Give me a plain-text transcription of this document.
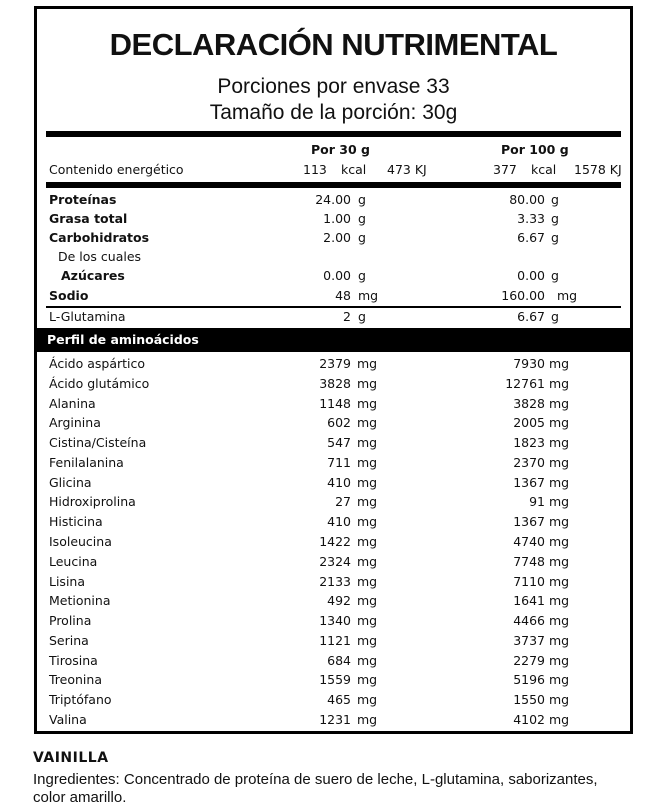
DECLARACIÓN NUTRIMENTAL
Porciones por envase 33
Tamaño de la porción: 30g
Por 30 g	Por 100 g
Contenido energético	113 kcal 473 KJ	377 kcal 1578 KJ
Proteínas	24.00 g	80.00 g
Grasa total	1.00 g	3.33 g
Carbohidratos	2.00 g	6.67 g
De los cuales
Azúcares	0.00 g	0.00 g
Sodio	48 mg	160.00 mg
L-Glutamina	2 g	6.67 g
Perfil de aminoácidos
Ácido aspártico	2379 mg	7930 mg
Ácido glutámico	3828 mg	12761 mg
Alanina	1148 mg	3828 mg
Arginina	602 mg	2005 mg
Cistina/Cisteína	547 mg	1823 mg
Fenilalanina	711 mg	2370 mg
Glicina	410 mg	1367 mg
Hidroxiprolina	27 mg	91 mg
Histicina	410 mg	1367 mg
Isoleucina	1422 mg	4740 mg
Leucina	2324 mg	7748 mg
Lisina	2133 mg	7110 mg
Metionina	492 mg	1641 mg
Prolina	1340 mg	4466 mg
Serina	1121 mg	3737 mg
Tirosina	684 mg	2279 mg
Treonina	1559 mg	5196 mg
Triptófano	465 mg	1550 mg
Valina	1231 mg	4102 mg
VAINILLA
Ingredientes: Concentrado de proteína de suero de leche, L-glutamina, saborizantes, color amarillo.
